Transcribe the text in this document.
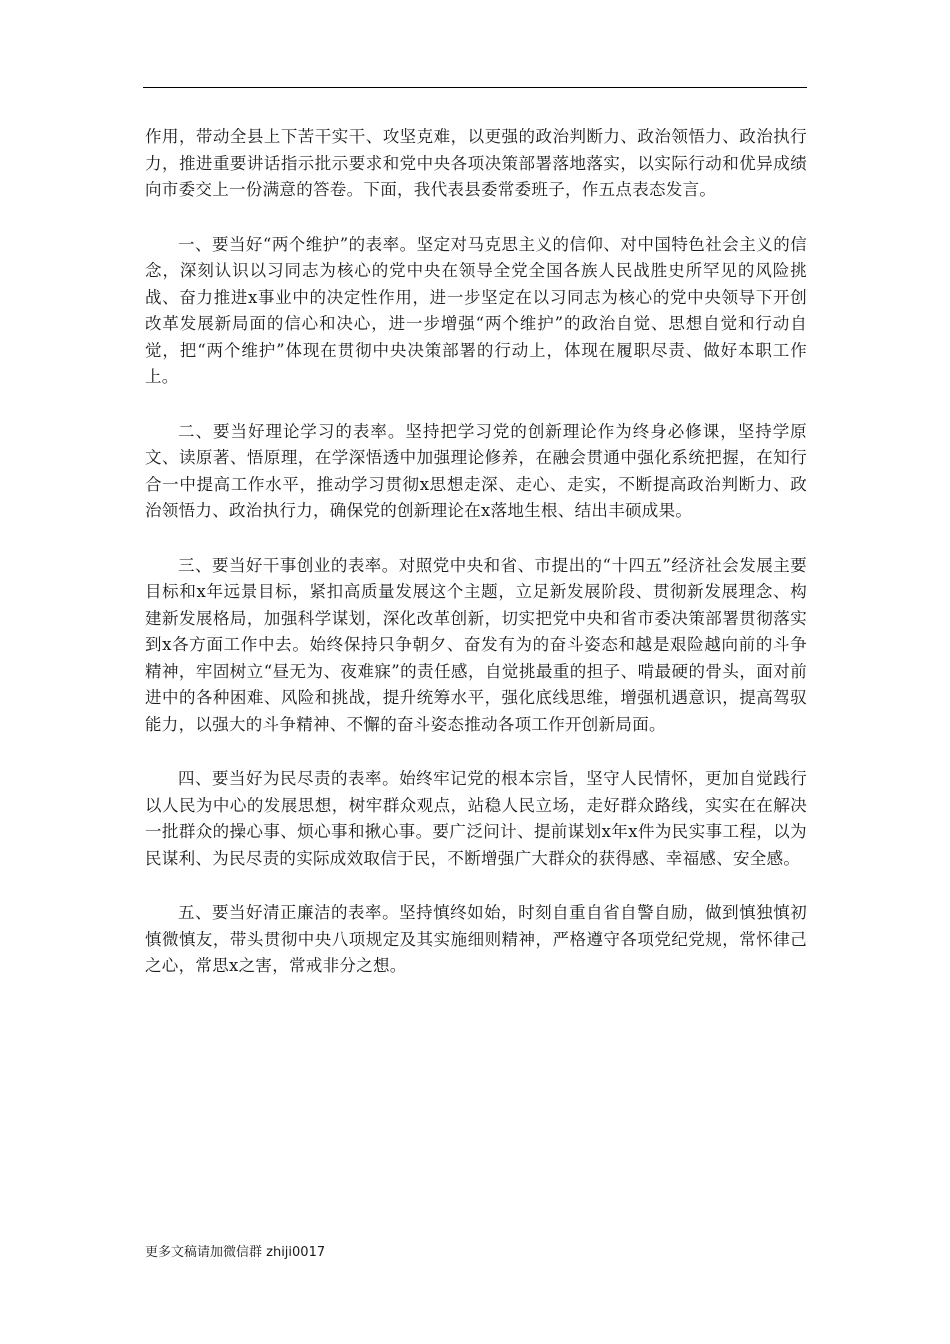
作用，带动全县上下苦干实干、攻坚克难，以更强的政治判断力、政治领悟力、政治执行力，推进重要讲话指示批示要求和党中央各项决策部署落地落实，以实际行动和优异成绩向市委交上一份满意的答卷。下面，我代表县委常委班子，作五点表态发言。

一、要当好“两个维护”的表率。坚定对马克思主义的信仰、对中国特色社会主义的信念，深刻认识以习同志为核心的党中央在领导全党全国各族人民战胜史所罕见的风险挑战、奋力推进x事业中的决定性作用，进一步坚定在以习同志为核心的党中央领导下开创改革发展新局面的信心和决心，进一步增强“两个维护”的政治自觉、思想自觉和行动自觉，把“两个维护”体现在贯彻中央决策部署的行动上，体现在履职尽责、做好本职工作上。

二、要当好理论学习的表率。坚持把学习党的创新理论作为终身必修课，坚持学原文、读原著、悟原理，在学深悟透中加强理论修养，在融会贯通中强化系统把握，在知行合一中提高工作水平，推动学习贯彻x思想走深、走心、走实，不断提高政治判断力、政治领悟力、政治执行力，确保党的创新理论在x落地生根、结出丰硕成果。

三、要当好干事创业的表率。对照党中央和省、市提出的“十四五”经济社会发展主要目标和x年远景目标，紧扣高质量发展这个主题，立足新发展阶段、贯彻新发展理念、构建新发展格局，加强科学谋划，深化改革创新，切实把党中央和省市委决策部署贯彻落实到x各方面工作中去。始终保持只争朝夕、奋发有为的奋斗姿态和越是艰险越向前的斗争精神，牢固树立“昼无为、夜难寐”的责任感，自觉挑最重的担子、啃最硬的骨头，面对前进中的各种困难、风险和挑战，提升统筹水平，强化底线思维，增强机遇意识，提高驾驭能力，以强大的斗争精神、不懈的奋斗姿态推动各项工作开创新局面。

四、要当好为民尽责的表率。始终牢记党的根本宗旨，坚守人民情怀，更加自觉践行以人民为中心的发展思想，树牢群众观点，站稳人民立场，走好群众路线，实实在在解决一批群众的操心事、烦心事和揪心事。要广泛问计、提前谋划x年x件为民实事工程，以为民谋利、为民尽责的实际成效取信于民，不断增强广大群众的获得感、幸福感、安全感。

五、要当好清正廉洁的表率。坚持慎终如始，时刻自重自省自警自励，做到慎独慎初慎微慎友，带头贯彻中央八项规定及其实施细则精神，严格遵守各项党纪党规，常怀律己之心，常思x之害，常戒非分之想。

更多文稿请加微信群 zhiji0017
